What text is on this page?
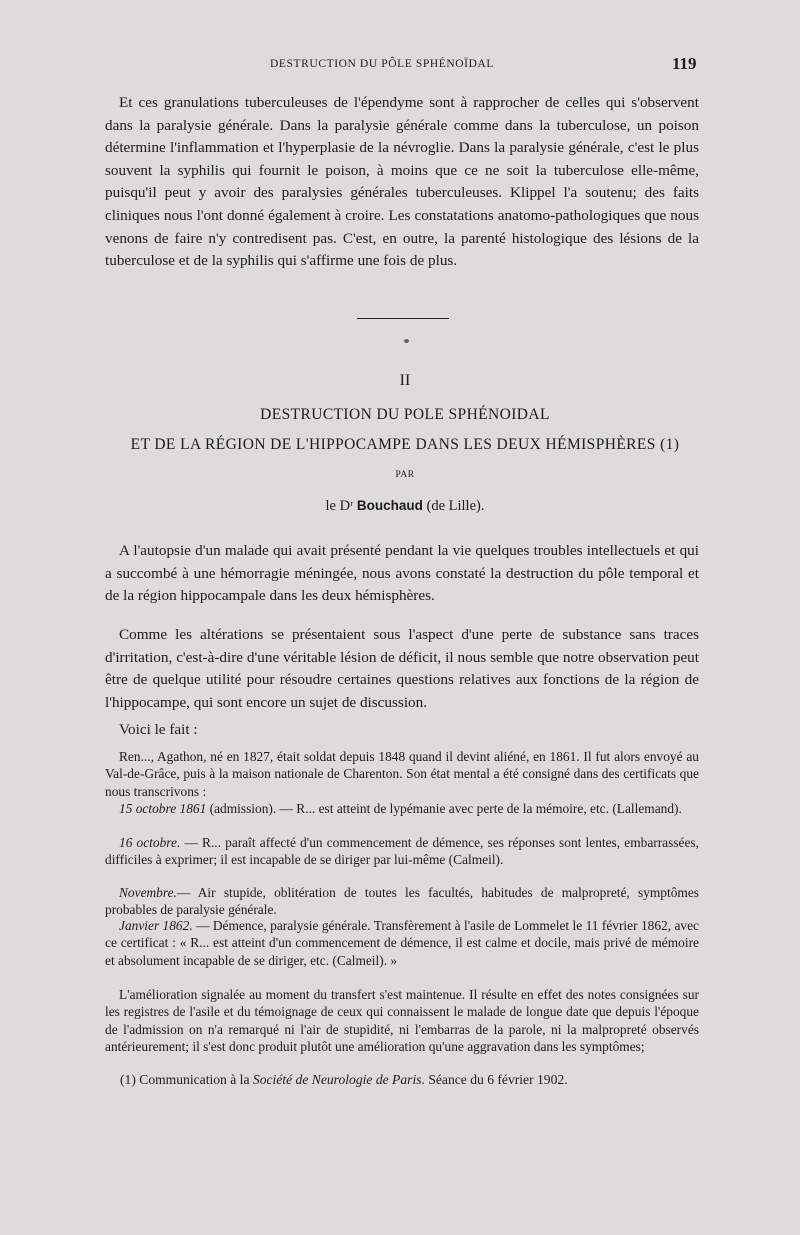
DESTRUCTION DU PÔLE SPHÉNOÏDAL	119

Et ces granulations tuberculeuses de l'épendyme sont à rapprocher de celles qui s'observent dans la paralysie générale. Dans la paralysie générale comme dans la tuberculose, un poison détermine l'inflammation et l'hyperplasie de la névroglie. Dans la paralysie générale, c'est le plus souvent la syphilis qui fournit le poison, à moins que ce ne soit la tuberculose elle-même, puisqu'il peut y avoir des paralysies générales tuberculeuses. Klippel l'a soutenu; des faits cliniques nous l'ont donné également à croire. Les constatations anatomo-pathologiques que nous venons de faire n'y contredisent pas. C'est, en outre, la parenté histologique des lésions de la tuberculose et de la syphilis qui s'affirme une fois de plus.

II

DESTRUCTION DU POLE SPHÉNOIDAL

ET DE LA RÉGION DE L'HIPPOCAMPE DANS LES DEUX HÉMISPHÈRES (1)

PAR

le Dʳ Bouchaud (de Lille).

A l'autopsie d'un malade qui avait présenté pendant la vie quelques troubles intellectuels et qui a succombé à une hémorragie méningée, nous avons constaté la destruction du pôle temporal et de la région hippocampale dans les deux hémisphères.

Comme les altérations se présentaient sous l'aspect d'une perte de substance sans traces d'irritation, c'est-à-dire d'une véritable lésion de déficit, il nous semble que notre observation peut être de quelque utilité pour résoudre certaines questions relatives aux fonctions de la région de l'hippocampe, qui sont encore un sujet de discussion.

Voici le fait :

Ren..., Agathon, né en 1827, était soldat depuis 1848 quand il devint aliéné, en 1861. Il fut alors envoyé au Val-de-Grâce, puis à la maison nationale de Charenton. Son état mental a été consigné dans des certificats que nous transcrivons :

15 octobre 1861 (admission). — R... est atteint de lypémanie avec perte de la mémoire, etc. (Lallemand).

16 octobre. — R... paraît affecté d'un commencement de démence, ses réponses sont lentes, embarrassées, difficiles à exprimer; il est incapable de se diriger par lui-même (Calmeil).

Novembre.— Air stupide, oblitération de toutes les facultés, habitudes de malpropreté, symptômes probables de paralysie générale.

Janvier 1862. — Démence, paralysie générale. Transfèrement à l'asile de Lommelet le 11 février 1862, avec ce certificat : « R... est atteint d'un commencement de démence, il est calme et docile, mais privé de mémoire et absolument incapable de se diriger, etc. (Calmeil). »

L'amélioration signalée au moment du transfert s'est maintenue. Il résulte en effet des notes consignées sur les registres de l'asile et du témoignage de ceux qui connaissent le malade de longue date que depuis l'époque de l'admission on n'a remarqué ni l'air de stupidité, ni l'embarras de la parole, ni la malpropreté observés antérieurement; il s'est donc produit plutôt une amélioration qu'une aggravation dans les symptômes;

(1) Communication à la Société de Neurologie de Paris. Séance du 6 février 1902.
